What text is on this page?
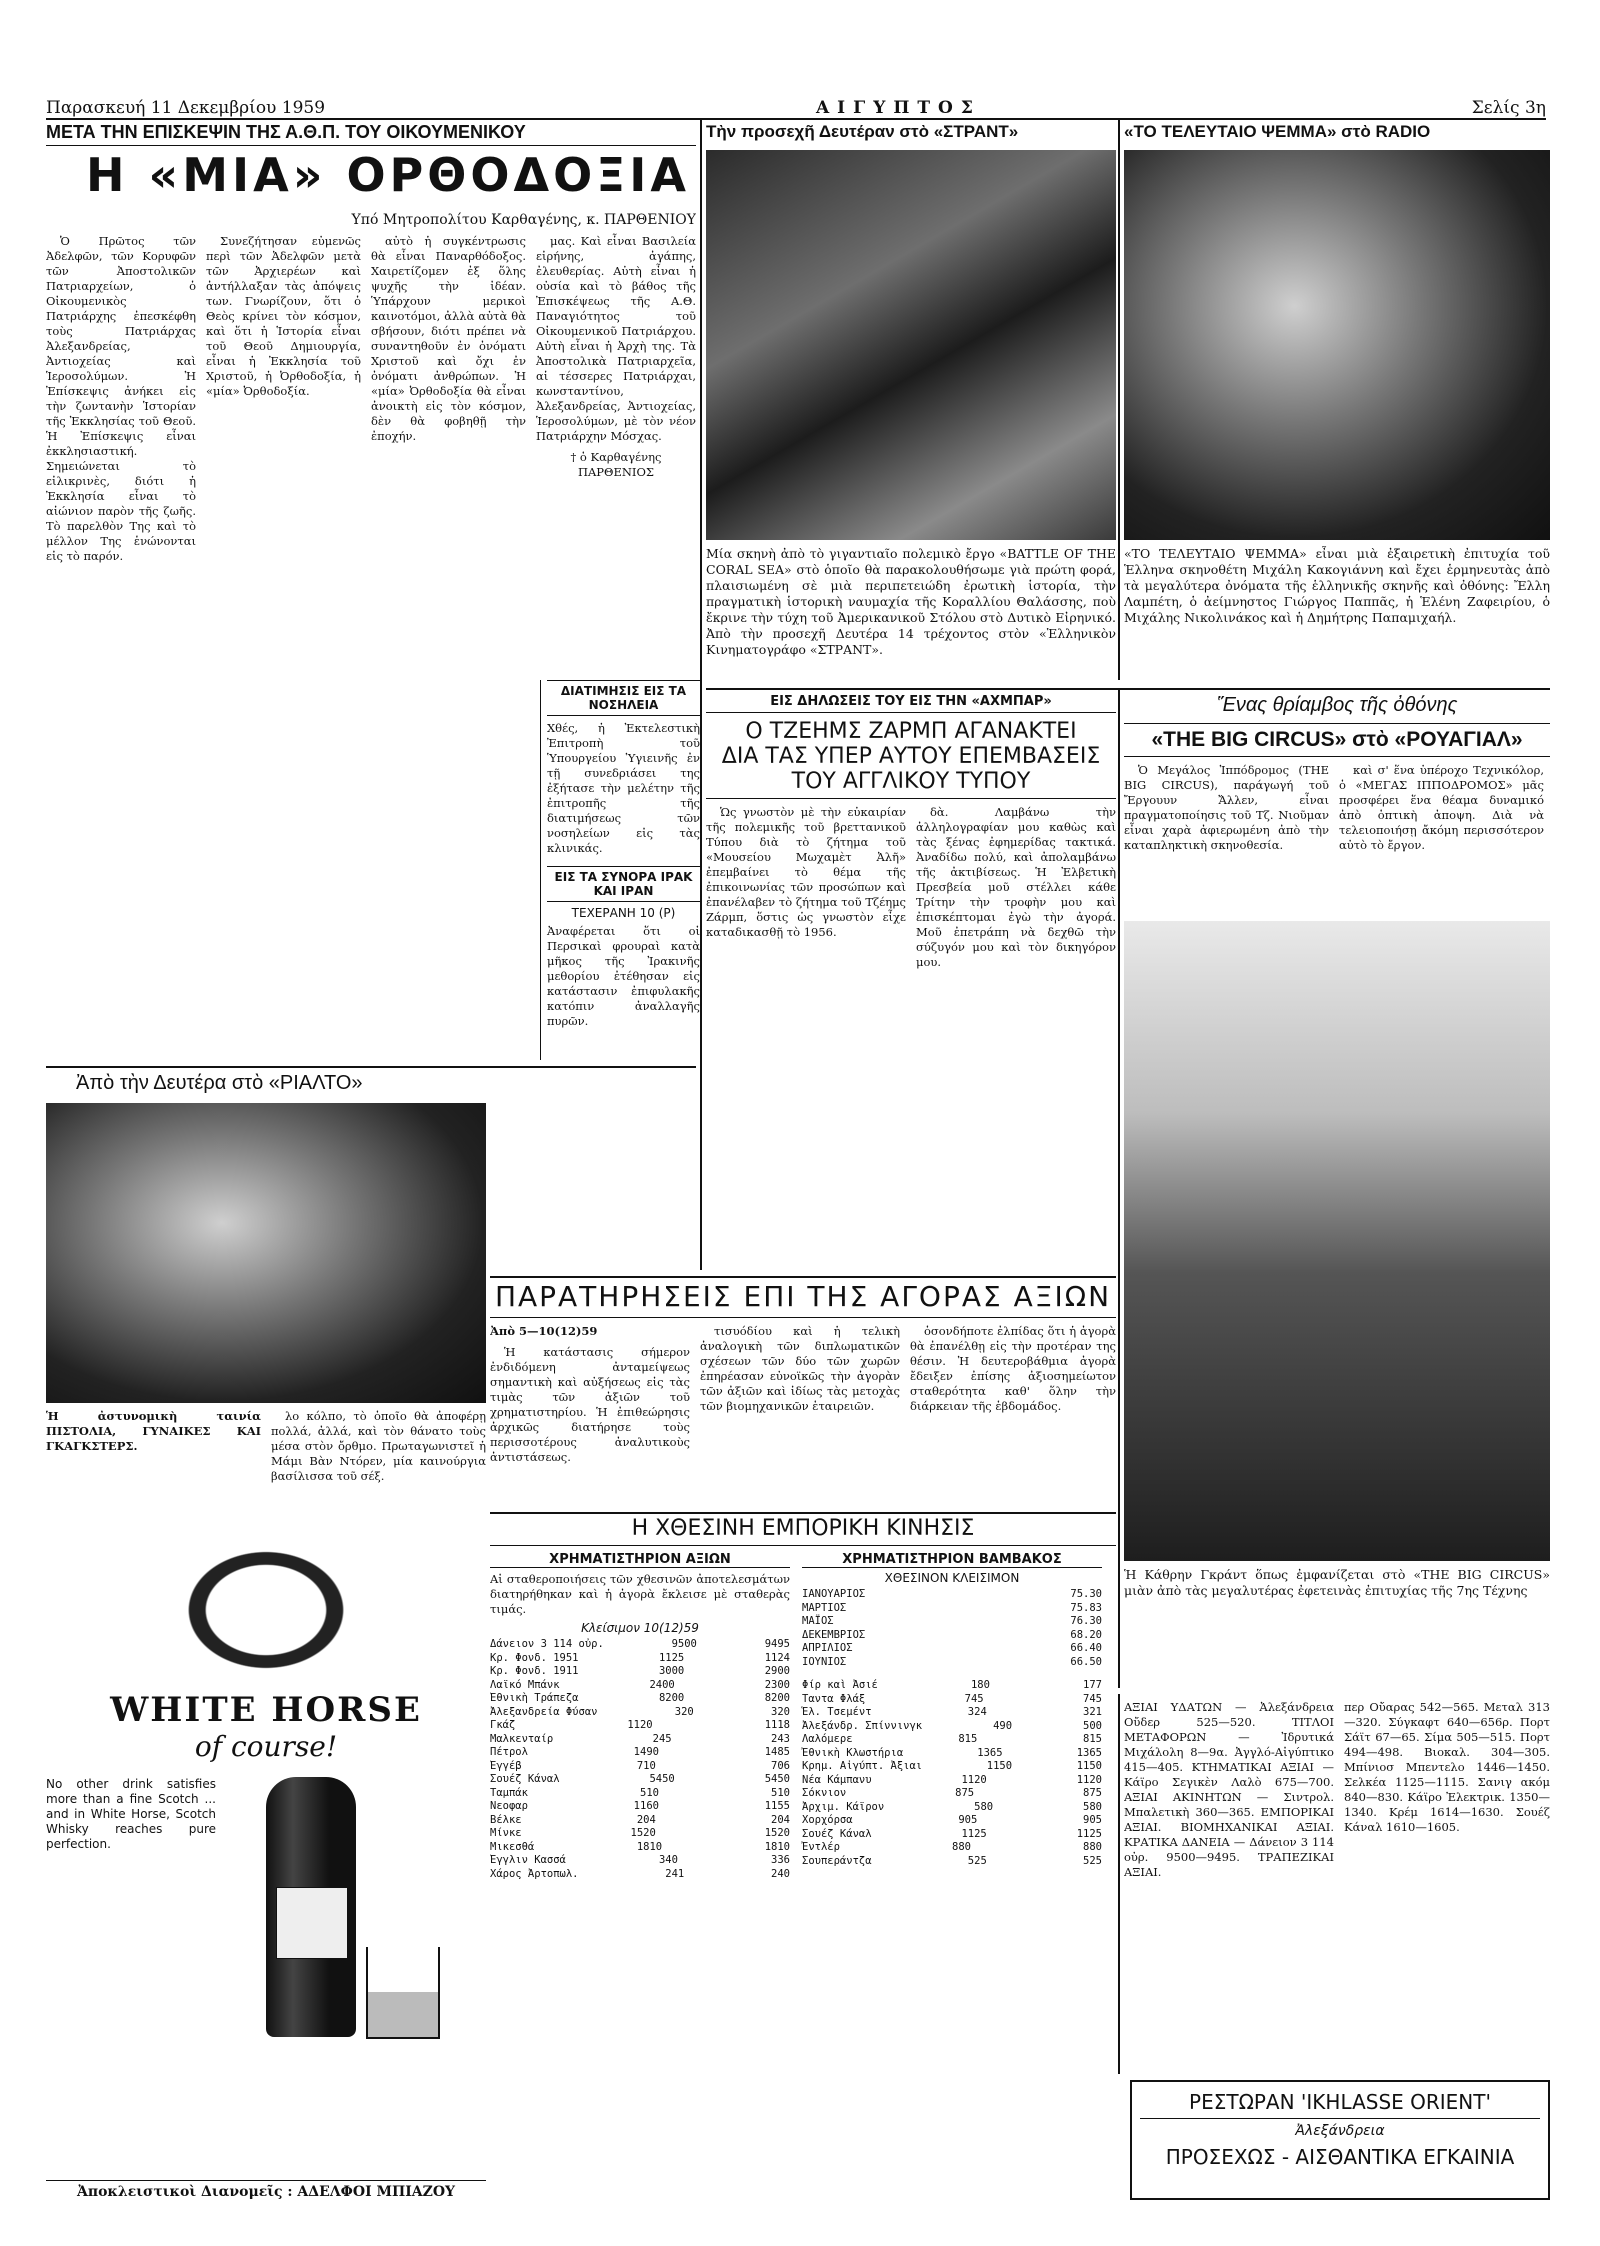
Παρασκευή 11 Δεκεμβρίου 1959	ΑΙΓΥΠΤΟΣ	Σελίς 3η
ΜΕΤΑ ΤΗΝ ΕΠΙΣΚΕΨΙΝ ΤΗΣ Α.Θ.Π. ΤΟΥ ΟΙΚΟΥΜΕΝΙΚΟΥ
Η «ΜΙΑ» ΟΡΘΟΔΟΞΙΑ
Υπό Μητροπολίτου Καρθαγένης, κ. ΠΑΡΘΕΝΙΟΥ

Ὁ Πρῶτος τῶν Ἀδελφῶν, τῶν Κορυφῶν τῶν Ἀποστολικῶν Πατριαρχείων, ὁ Οἰκουμενικὸς Πατριάρχης ἐπεσκέφθη τοὺς Πατριάρχας Ἀλεξανδρείας, Ἀντιοχείας καὶ Ἱεροσολύμων. Ἡ Ἐπίσκεψις ἀνήκει εἰς τὴν ζωντανὴν Ἱστορίαν τῆς Ἐκκλησίας τοῦ Θεοῦ. Ἡ Ἐπίσκεψις εἶναι ἐκκλησιαστική. Σημειώνεται τὸ εἰλικρινὲς, διότι ἡ Ἐκκλησία εἶναι τὸ αἰώνιον παρὸν τῆς ζωῆς. Τὸ παρελθὸν Της καὶ τὸ μέλλον Της ἑνώνονται εἰς τὸ παρόν.

Συνεζήτησαν εὐμενῶς περὶ τῶν Ἀδελφῶν μετὰ τῶν Ἀρχιερέων καὶ ἀντήλλαξαν τὰς ἀπόψεις των. Γνωρίζουν, ὅτι ὁ Θεὸς κρίνει τὸν κόσμον, καὶ ὅτι ἡ Ἱστορία εἶναι τοῦ Θεοῦ Δημιουργία, εἶναι ἡ Ἐκκλησία τοῦ Χριστοῦ, ἡ Ὀρθοδοξία, ἡ «μία» Ὀρθοδοξία.

αὐτὸ ἡ συγκέντρωσις θὰ εἶναι Παναρθόδοξος. Χαιρετίζομεν ἐξ ὅλης ψυχῆς τὴν ἰδέαν. Ὑπάρχουν μερικοὶ καινοτόμοι, ἀλλὰ αὐτὰ θὰ σβήσουν, διότι πρέπει νὰ συναντηθοῦν ἐν ὀνόματι Χριστοῦ καὶ ὄχι ἐν ὀνόματι ἀνθρώπων. Ἡ «μία» Ὀρθοδοξία θὰ εἶναι ἀνοικτὴ εἰς τὸν κόσμον, δὲν θὰ φοβηθῇ τὴν ἐποχήν.

μας. Καὶ εἶναι Βασιλεία εἰρήνης, ἀγάπης, ἐλευθερίας. Αὐτὴ εἶναι ἡ οὐσία καὶ τὸ βάθος τῆς Ἐπισκέψεως τῆς Α.Θ. Παναγιότητος τοῦ Οἰκουμενικοῦ Πατριάρχου. Αὐτὴ εἶναι ἡ Ἀρχὴ της. Τὰ Ἀποστολικὰ Πατριαρχεῖα, αἱ τέσσερες Πατριάρχαι, κωνσταντίνου, Ἀλεξανδρείας, Ἀντιοχείας, Ἱεροσολύμων, μὲ τὸν νέον Πατριάρχην Μόσχας.

† ὁ Καρθαγένης ΠΑΡΘΕΝΙΟΣ

ΔΙΑΤΙΜΗΣΙΣ ΕΙΣ ΤΑ ΝΟΣΗΛΕΙΑ
Χθές, ἡ Ἐκτελεστικὴ Ἐπιτροπὴ τοῦ Ὑπουργείου Ὑγιεινῆς ἐν τῇ συνεδριάσει της ἐξήτασε τὴν μελέτην τῆς ἐπιτροπῆς τῆς διατιμήσεως τῶν νοσηλείων εἰς τὰς κλινικάς.
ΕΙΣ ΤΑ ΣΥΝΟΡΑ ΙΡΑΚ ΚΑΙ ΙΡΑΝ
ΤΕΧΕΡΑΝΗ 10 (Ρ)
Ἀναφέρεται ὅτι οἱ Περσικαὶ φρουραὶ κατὰ μῆκος τῆς Ἰρακινῆς μεθορίου ἐτέθησαν εἰς κατάστασιν ἐπιφυλακῆς κατόπιν ἀναλλαγῆς πυρῶν.
Τὴν προσεχῆ Δευτέραν στὸ «ΣΤΡΑΝΤ»
Μία σκηνὴ ἀπὸ τὸ γιγαντιαῖο πολεμικὸ ἔργο «BATTLE OF THE CORAL SEA» στὸ ὁποῖο θὰ παρακολουθήσωμε γιὰ πρώτη φορά, πλαισιωμένη σὲ μιὰ περιπετειώδη ἐρωτικὴ ἱστορία, τὴν πραγματικὴ ἱστορικὴ ναυμαχία τῆς Κοραλλίου Θαλάσσης, ποὺ ἔκρινε τὴν τύχη τοῦ Ἀμερικανικοῦ Στόλου στὸ Δυτικὸ Εἰρηνικό. Ἀπὸ τὴν προσεχῆ Δευτέρα 14 τρέχοντος στὸν «Ἑλληνικὸν Κινηματογράφο «ΣΤΡΑΝΤ».
«ΤΟ ΤΕΛΕΥΤΑΙΟ ΨΕΜΜΑ» στὸ RADIO
«ΤΟ ΤΕΛΕΥΤΑΙΟ ΨΕΜΜΑ» εἶναι μιὰ ἐξαιρετικὴ ἐπιτυχία τοῦ Ἑλληνα σκηνοθέτη Μιχάλη Κακογιάννη καὶ ἔχει ἑρμηνευτὰς ἀπὸ τὰ μεγαλύτερα ὀνόματα τῆς ἑλληνικῆς σκηνῆς καὶ ὀθόνης: Ἔλλη Λαμπέτη, ὁ ἀείμνηστος Γιώργος Παππᾶς, ἡ Ἑλένη Ζαφειρίου, ὁ Μιχάλης Νικολινάκος καὶ ἡ Δημήτρης Παπαμιχαήλ.
ΕΙΣ ΔΗΛΩΣΕΙΣ ΤΟΥ ΕΙΣ ΤΗΝ «ΑΧΜΠΑΡ»
Ο ΤΖΕΗΜΣ ΖΑΡΜΠ ΑΓΑΝΑΚΤΕΙ
ΔΙΑ ΤΑΣ ΥΠΕΡ ΑΥΤΟΥ ΕΠΕΜΒΑΣΕΙΣ
ΤΟΥ ΑΓΓΛΙΚΟΥ ΤΥΠΟΥ

Ὡς γνωστὸν μὲ τὴν εὐκαιρίαν τῆς πολεμικῆς τοῦ βρεττανικοῦ Τύπου διὰ τὸ ζήτημα τοῦ «Μουσείου Μωχαμὲτ Ἀλῆ» ἐπεμβαίνει τὸ θέμα τῆς ἐπικοινωνίας τῶν προσώπων καὶ ἐπανέλαβεν τὸ ζήτημα τοῦ Τζέημς Ζάρμπ, ὅστις ὡς γνωστὸν εἶχε καταδικασθῇ τὸ 1956.

δὰ. Λαμβάνω τὴν ἀλληλογραφίαν μου καθὼς καὶ τὰς ξένας ἐφημερίδας τακτικά. Ἀναδίδω πολύ, καὶ ἀπολαμβάνω τῆς ἀκτιβίσεως. Ἡ Ἐλβετικὴ Πρεσβεία μοῦ στέλλει κάθε Τρίτην τὴν τροφὴν μου καὶ ἐπισκέπτομαι ἐγὼ τὴν ἀγορά. Μοῦ ἐπετράπη νὰ δεχθῶ τὴν σύζυγόν μου καὶ τὸν δικηγόρον μου.

Ἕνας θρίαμβος τῆς ὀθόνης
«THE BIG CIRCUS» στὸ «ΡΟΥΑΓΙΑΛ»

Ὁ Μεγάλος Ἱππόδρομος (THE BIG CIRCUS), παράγωγή τοῦ Ἔργουυν Ἄλλεν, εἶναι πραγματοποίησις τοῦ Τζ. Νιοῦμαν εἶναι χαρὰ ἀφιερωμένη ἀπὸ τὴν καταπληκτικὴ σκηνοθεσία.

καὶ σ' ἕνα ὑπέροχο Τεχνικόλορ, ὁ «ΜΕΓΑΣ ΙΠΠΟΔΡΟΜΟΣ» μᾶς προσφέρει ἕνα θέαμα δυναμικό ἀπὸ ὁπτικὴ ἀποψη. Διὰ νὰ τελειοποιήσῃ ἄκόμη περισσότερον αὐτὸ τὸ ἔργον.

Ἡ Κάθρην Γκράντ ὅπως ἐμφανίζεται στὸ «THE BIG CIRCUS» μιὰν ἀπὸ τὰς μεγαλυτέρας ἐφετεινὰς ἐπιτυχίας τῆς 7ης Τέχνης
Ἀπὸ τὴν Δευτέρα στὸ «ΡΙΑΛΤΟ»

Ἡ ἀστυνομικὴ ταινία ΠΙΣΤΟΛΙΑ, ΓΥΝΑΙΚΕΣ ΚΑΙ ΓΚΑΓΚΣΤΕΡΣ.

λο κόλπο, τὸ ὁποῖο θὰ ἀποφέρῃ πολλά, ἀλλά, καὶ τὸν θάνατο τοὺς μέσα στὸν ὄρθμο. Πρωταγωνιστεῖ ἡ Μάμι Βὰν Ντόρεν, μία καινούργια βασίλισσα τοῦ σέξ.

WHITE HORSE
of course!
No other drink satisfies more than a fine Scotch ... and in White Horse, Scotch Whisky reaches pure perfection.
Ἀποκλειστικοὶ Διανομεῖς : ΑΔΕΛΦΟΙ ΜΠΙΑΖΟΥ
ΠΑΡΑΤΗΡΗΣΕΙΣ ΕΠΙ ΤΗΣ ΑΓΟΡΑΣ ΑΞΙΩΝ

Ἀπὸ 5—10(12)59

Ἡ κατάστασις σήμερον ἐνδιδόμενη ἀνταμείψεως σημαντικὴ καὶ αὐξήσεως εἰς τὰς τιμὰς τῶν ἀξιῶν τοῦ χρηματιστηρίου. Ἡ ἐπιθεώρησις ἀρχικῶς διατήρησε τοὺς περισσοτέρους ἀναλυτικοὺς ἀντιστάσεως.

τισυόδίου καὶ ἡ τελικὴ ἀναλογικὴ τῶν διπλωματικῶν σχέσεων τῶν δύο τῶν χωρῶν ἐπηρέασαν εὐνοϊκῶς τὴν ἀγορὰν τῶν ἀξιῶν καὶ ἰδίως τὰς μετοχὰς τῶν βιομηχανικῶν ἑταιρειῶν.

ὁσονδήποτε ἐλπίδας ὅτι ἡ ἀγορὰ θὰ ἐπανέλθῃ εἰς τὴν προτέραν της θέσιν. Ἡ δευτεροβάθμια ἀγορὰ ἔδειξεν ἐπίσης ἀξιοσημείωτον σταθερότητα καθ' ὅλην τὴν διάρκειαν τῆς ἑβδομάδος.

Η ΧΘΕΣΙΝΗ ΕΜΠΟΡΙΚΗ ΚΙΝΗΣΙΣ
ΧΡΗΜΑΤΙΣΤΗΡΙΟΝ ΑΞΙΩΝ
Αἱ σταθεροποιήσεις τῶν χθεσινῶν ἀποτελεσμάτων διατηρήθηκαν καὶ ἡ ἀγορὰ ἔκλεισε μὲ σταθερὰς τιμάς.
Κλείσιμον 10(12)59
Δάνειον 3 114 οὐρ.	9500	9495
Κρ. Φονδ. 1951	1125	1124
Κρ. Φονδ. 1911	3000	2900
Λαϊκό Μπάνκ	2400	2300
Ἐθνικὴ Τράπεζα	8200	8200
Ἀλεξανδρεία Φύσαν	320	320
Γκάζ	1120	1118
Μαλκενταίρ	245	243
Πέτρολ	1490	1485
Ἐγγέβ	710	706
Σουέζ Κάναλ	5450	5450
Ταμπάκ	510	510
Νεοφαρ	1160	1155
Βέλκε	204	204
Μίνκε	1520	1520
Μικεσθά	1810	1810
Ἐγγλιν Κασσά	340	336
Χάρος Ἀρτοπωλ.	241	240
ΧΡΗΜΑΤΙΣΤΗΡΙΟΝ ΒΑΜΒΑΚΟΣ
ΧΘΕΣΙΝΟΝ ΚΛΕΙΣΙΜΟΝ
ΙΑΝΟΥΑΡΙΟΣ	75.30
ΜΑΡΤΙΟΣ	75.83
ΜΑΪΟΣ	76.30
ΔΕΚΕΜΒΡΙΟΣ	68.20
ΑΠΡΙΛΙΟΣ	66.40
ΙΟΥΝΙΟΣ	66.50
Φίρ καὶ Ἀσιέ	180	177
Ταντα Φλάξ	745	745
Ἑλ. Τσεμέντ	324	321
Ἀλεξάνδρ. Σπίννινγκ	490	500
Λαλόμερε	815	815
Ἐθνικὴ Κλωστήρια	1365	1365
Κρημ. Αἰγύπτ. Ἀξιαι	1150	1150
Νέα Κάμπανυ	1120	1120
Σόκνιον	875	875
Ἀρχιμ. Κάϊρον	580	580
Χορχόρσα	905	905
Σουέζ Κάναλ	1125	1125
Ἐντλέρ	880	880
Σουπεράντζα	525	525
ΑΞΙΑΙ ΥΔΑΤΩΝ — Ἀλεξάνδρεια Οὔδερ 525—520. ΤΙΤΛΟΙ ΜΕΤΑΦΟΡΩΝ — Ἰδρυτικά Μιχάλολη 8—9α. Ἀγγλό-Αἰγύπτικο 415—405. ΚΤΗΜΑΤΙΚΑΙ ΑΞΙΑΙ — Κάϊρο Σεγικὲν Λαλὸ 675—700. ΑΞΙΑΙ ΑΚΙΝΗΤΩΝ — Σιντρολ. Μπαλετικὴ 360—365. ΕΜΠΟΡΙΚΑΙ ΑΞΙΑΙ. ΒΙΟΜΗΧΑΝΙΚΑΙ ΑΞΙΑΙ. ΚΡΑΤΙΚΑ ΔΑΝΕΙΑ — Δάνειον 3 114 οὐρ. 9500—9495. ΤΡΑΠΕΖΙΚΑΙ ΑΞΙΑΙ.
περ Οὔαρας 542—565. Μεταλ 313—320. Σύγκαφτ 640—656ρ. Πορτ Σάϊτ 67—65. Σίμα 505—515. Πορτ 494—498. Βιοκαλ. 304—305. Μπίνιοσ Μπεντελο 1446—1450. Σελκέα 1125—1115. Σανιγ ακόμ 840—830. Κάϊρο Ἐλεκτρικ. 1350—1340. Κρέμ 1614—1630. Σουέζ Κάναλ 1610—1605.
ΡΕΣΤΩΡΑΝ 'IKHLASSE ORIENT'
Ἀλεξάνδρεια
ΠΡΟΣΕΧΩΣ - ΑΙΣΘΑΝΤΙΚΑ ΕΓΚΑΙΝΙΑ
